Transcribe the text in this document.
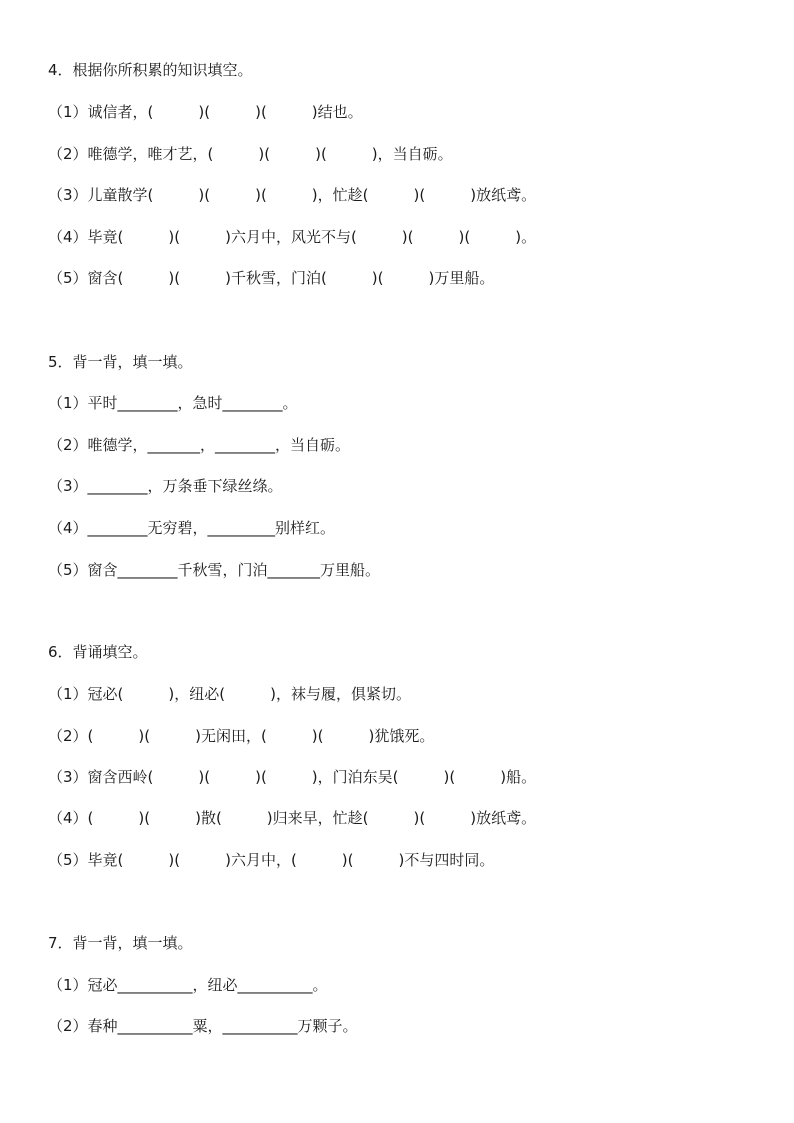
4．根据你所积累的知识填空。
（1）诚信者，(　　　)(　　　)(　　　)结也。
（2）唯德学，唯才艺，(　　　)(　　　)(　　　)，当自砺。
（3）儿童散学(　　　)(　　　)(　　　)，忙趁(　　　)(　　　)放纸鸢。
（4）毕竟(　　　)(　　　)六月中，风光不与(　　　)(　　　)(　　　)。
（5）窗含(　　　)(　　　)千秋雪，门泊(　　　)(　　　)万里船。
5．背一背，填一填。
（1）平时________，急时________。
（2）唯德学，_______，________，当自砺。
（3）________，万条垂下绿丝绦。
（4）________无穷碧，_________别样红。
（5）窗含________千秋雪，门泊_______万里船。
6．背诵填空。
（1）冠必(　　　)，纽必(　　　)，袜与履，俱紧切。
（2）(　　　)(　　　)无闲田，(　　　)(　　　)犹饿死。
（3）窗含西岭(　　　)(　　　)(　　　)，门泊东吴(　　　)(　　　)船。
（4）(　　　)(　　　)散(　　　)归来早，忙趁(　　　)(　　　)放纸鸢。
（5）毕竟(　　　)(　　　)六月中，(　　　)(　　　)不与四时同。
7．背一背，填一填。
（1）冠必__________，纽必__________。
（2）春种__________粟，__________万颗子。
